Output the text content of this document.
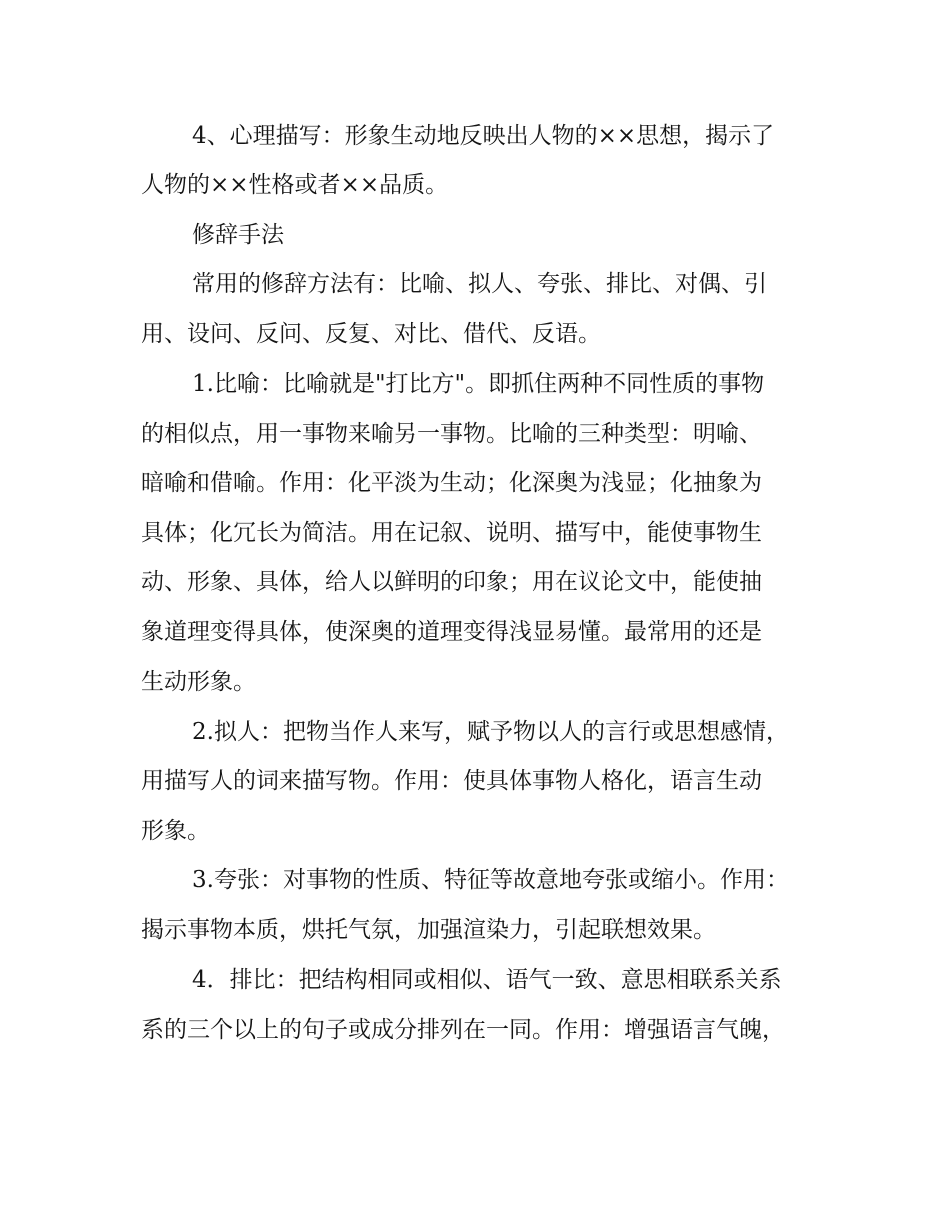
4、心理描写：形象生动地反映出人物的××思想，揭示了
人物的××性格或者××品质。
修辞手法
常用的修辞方法有：比喻、拟人、夸张、排比、对偶、引
用、设问、反问、反复、对比、借代、反语。
1.比喻：比喻就是"打比方"。即抓住两种不同性质的事物
的相似点，用一事物来喻另一事物。比喻的三种类型：明喻、
暗喻和借喻。作用：化平淡为生动；化深奥为浅显；化抽象为
具体；化冗长为简洁。用在记叙、说明、描写中，能使事物生
动、形象、具体，给人以鲜明的印象；用在议论文中，能使抽
象道理变得具体，使深奥的道理变得浅显易懂。最常用的还是
生动形象。
2.拟人：把物当作人来写，赋予物以人的言行或思想感情，
用描写人的词来描写物。作用：使具体事物人格化，语言生动
形象。
3.夸张：对事物的性质、特征等故意地夸张或缩小。作用：
揭示事物本质，烘托气氛，加强渲染力，引起联想效果。
4．排比：把结构相同或相似、语气一致、意思相联系关系
系的三个以上的句子或成分排列在一同。作用：增强语言气魄，
